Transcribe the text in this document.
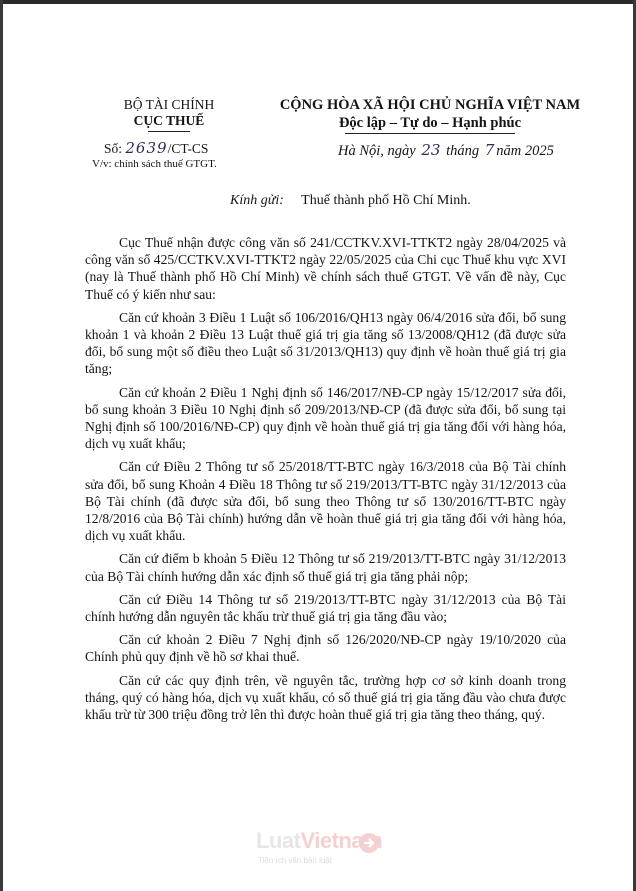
BỘ TÀI CHÍNH
CỤC THUẾ
CỘNG HÒA XÃ HỘI CHỦ NGHĨA VIỆT NAM
Độc lập – Tự do – Hạnh phúc
Số: 2639/CT-CS
V/v: chính sách thuế GTGT.
Hà Nội, ngày 23 tháng 7 năm 2025
Kính gửi: Thuế thành phố Hồ Chí Minh.

Cục Thuế nhận được công văn số 241/CCTKV.XVI-TTKT2 ngày 28/04/2025 và công văn số 425/CCTKV.XVI-TTKT2 ngày 22/05/2025 của Chi cục Thuế khu vực XVI (nay là Thuế thành phố Hồ Chí Minh) về chính sách thuế GTGT. Về vấn đề này, Cục Thuế có ý kiến như sau:

Căn cứ khoản 3 Điều 1 Luật số 106/2016/QH13 ngày 06/4/2016 sửa đổi, bổ sung khoản 1 và khoản 2 Điều 13 Luật thuế giá trị gia tăng số 13/2008/QH12 (đã được sửa đổi, bổ sung một số điều theo Luật số 31/2013/QH13) quy định về hoàn thuế giá trị gia tăng;

Căn cứ khoản 2 Điều 1 Nghị định số 146/2017/NĐ-CP ngày 15/12/2017 sửa đổi, bổ sung khoản 3 Điều 10 Nghị định số 209/2013/NĐ-CP (đã được sửa đổi, bổ sung tại Nghị định số 100/2016/NĐ-CP) quy định về hoàn thuế giá trị gia tăng đối với hàng hóa, dịch vụ xuất khẩu;

Căn cứ Điều 2 Thông tư số 25/2018/TT-BTC ngày 16/3/2018 của Bộ Tài chính sửa đổi, bổ sung Khoản 4 Điều 18 Thông tư số 219/2013/TT-BTC ngày 31/12/2013 của Bộ Tài chính (đã được sửa đổi, bổ sung theo Thông tư số 130/2016/TT-BTC ngày 12/8/2016 của Bộ Tài chính) hướng dẫn về hoàn thuế giá trị gia tăng đối với hàng hóa, dịch vụ xuất khẩu.

Căn cứ điểm b khoản 5 Điều 12 Thông tư số 219/2013/TT-BTC ngày 31/12/2013 của Bộ Tài chính hướng dẫn xác định số thuế giá trị gia tăng phải nộp;

Căn cứ Điều 14 Thông tư số 219/2013/TT-BTC ngày 31/12/2013 của Bộ Tài chính hướng dẫn nguyên tắc khấu trừ thuế giá trị gia tăng đầu vào;

Căn cứ khoản 2 Điều 7 Nghị định số 126/2020/NĐ-CP ngày 19/10/2020 của Chính phủ quy định về hồ sơ khai thuế.

Căn cứ các quy định trên, về nguyên tắc, trường hợp cơ sở kinh doanh trong tháng, quý có hàng hóa, dịch vụ xuất khẩu, có số thuế giá trị gia tăng đầu vào chưa được khấu trừ từ 300 triệu đồng trở lên thì được hoàn thuế giá trị gia tăng theo tháng, quý.

LuatVietnam
Tiện ích văn bản luật
